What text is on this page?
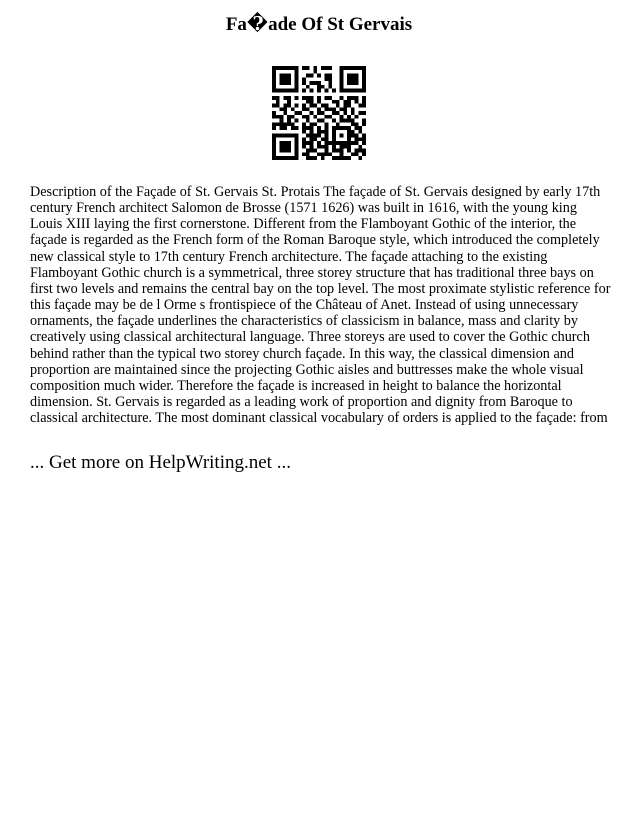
Fa�ade Of St Gervais

Description of the Façade of St. Gervais St. Protais The façade of St. Gervais designed by early 17th century French architect Salomon de Brosse (1571 1626) was built in 1616, with the young king Louis XIII laying the first cornerstone. Different from the Flamboyant Gothic of the interior, the façade is regarded as the French form of the Roman Baroque style, which introduced the completely new classical style to 17th century French architecture. The façade attaching to the existing Flamboyant Gothic church is a symmetrical, three storey structure that has traditional three bays on first two levels and remains the central bay on the top level. The most proximate stylistic reference for this façade may be de l Orme s frontispiece of the Château of Anet. Instead of using unnecessary ornaments, the façade underlines the characteristics of classicism in balance, mass and clarity by creatively using classical architectural language. Three storeys are used to cover the Gothic church behind rather than the typical two storey church façade. In this way, the classical dimension and proportion are maintained since the projecting Gothic aisles and buttresses make the whole visual composition much wider. Therefore the façade is increased in height to balance the horizontal dimension. St. Gervais is regarded as a leading work of proportion and dignity from Baroque to classical architecture. The most dominant classical vocabulary of orders is applied to the façade: from

... Get more on HelpWriting.net ...
